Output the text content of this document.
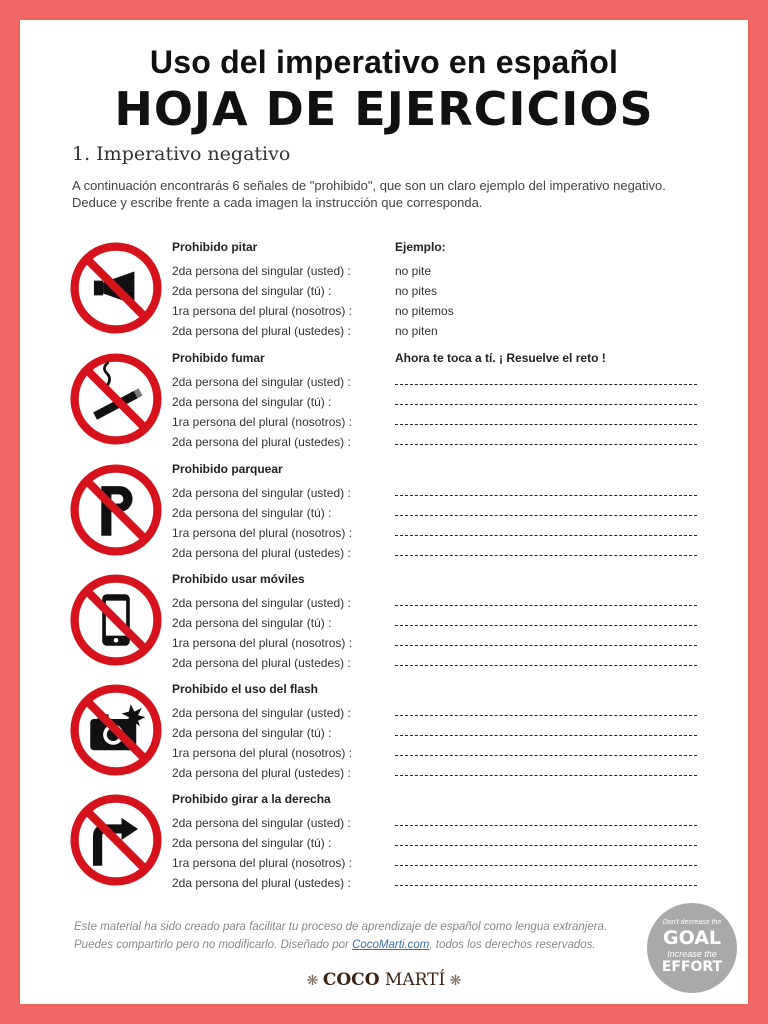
Uso del imperativo en español
HOJA DE EJERCICIOS
1. Imperativo negativo
A continuación encontrarás 6 señales de "prohibido", que son un claro ejemplo del imperativo negativo.
Deduce y escribe frente a cada imagen la instrucción que corresponda.
Prohibido pitar
2da persona del singular (usted) :
2da persona del singular (tú) :
1ra persona del plural (nosotros) :
2da persona del plural (ustedes) :
Ejemplo:
no pite
no pites
no pitemos
no piten
Prohibido fumar
2da persona del singular (usted) :
2da persona del singular (tú) :
1ra persona del plural (nosotros) :
2da persona del plural (ustedes) :
Ahora te toca a tí. ¡ Resuelve el reto !
Prohibido parquear
2da persona del singular (usted) :
2da persona del singular (tú) :
1ra persona del plural (nosotros) :
2da persona del plural (ustedes) :
Prohibido usar móviles
2da persona del singular (usted) :
2da persona del singular (tú) :
1ra persona del plural (nosotros) :
2da persona del plural (ustedes) :
Prohibido el uso del flash
2da persona del singular (usted) :
2da persona del singular (tú) :
1ra persona del plural (nosotros) :
2da persona del plural (ustedes) :
Prohibido girar a la derecha
2da persona del singular (usted) :
2da persona del singular (tú) :
1ra persona del plural (nosotros) :
2da persona del plural (ustedes) :
Este material ha sido creado para facilitar tu proceso de aprendizaje de español como lengua extranjera.
Puedes compartirlo pero no modificarlo. Diseñado por CocoMarti.com, todos los derechos reservados.
Don't decrease the
GOAL
Increase the
EFFORT
❋ COCO MARTÍ ❋
